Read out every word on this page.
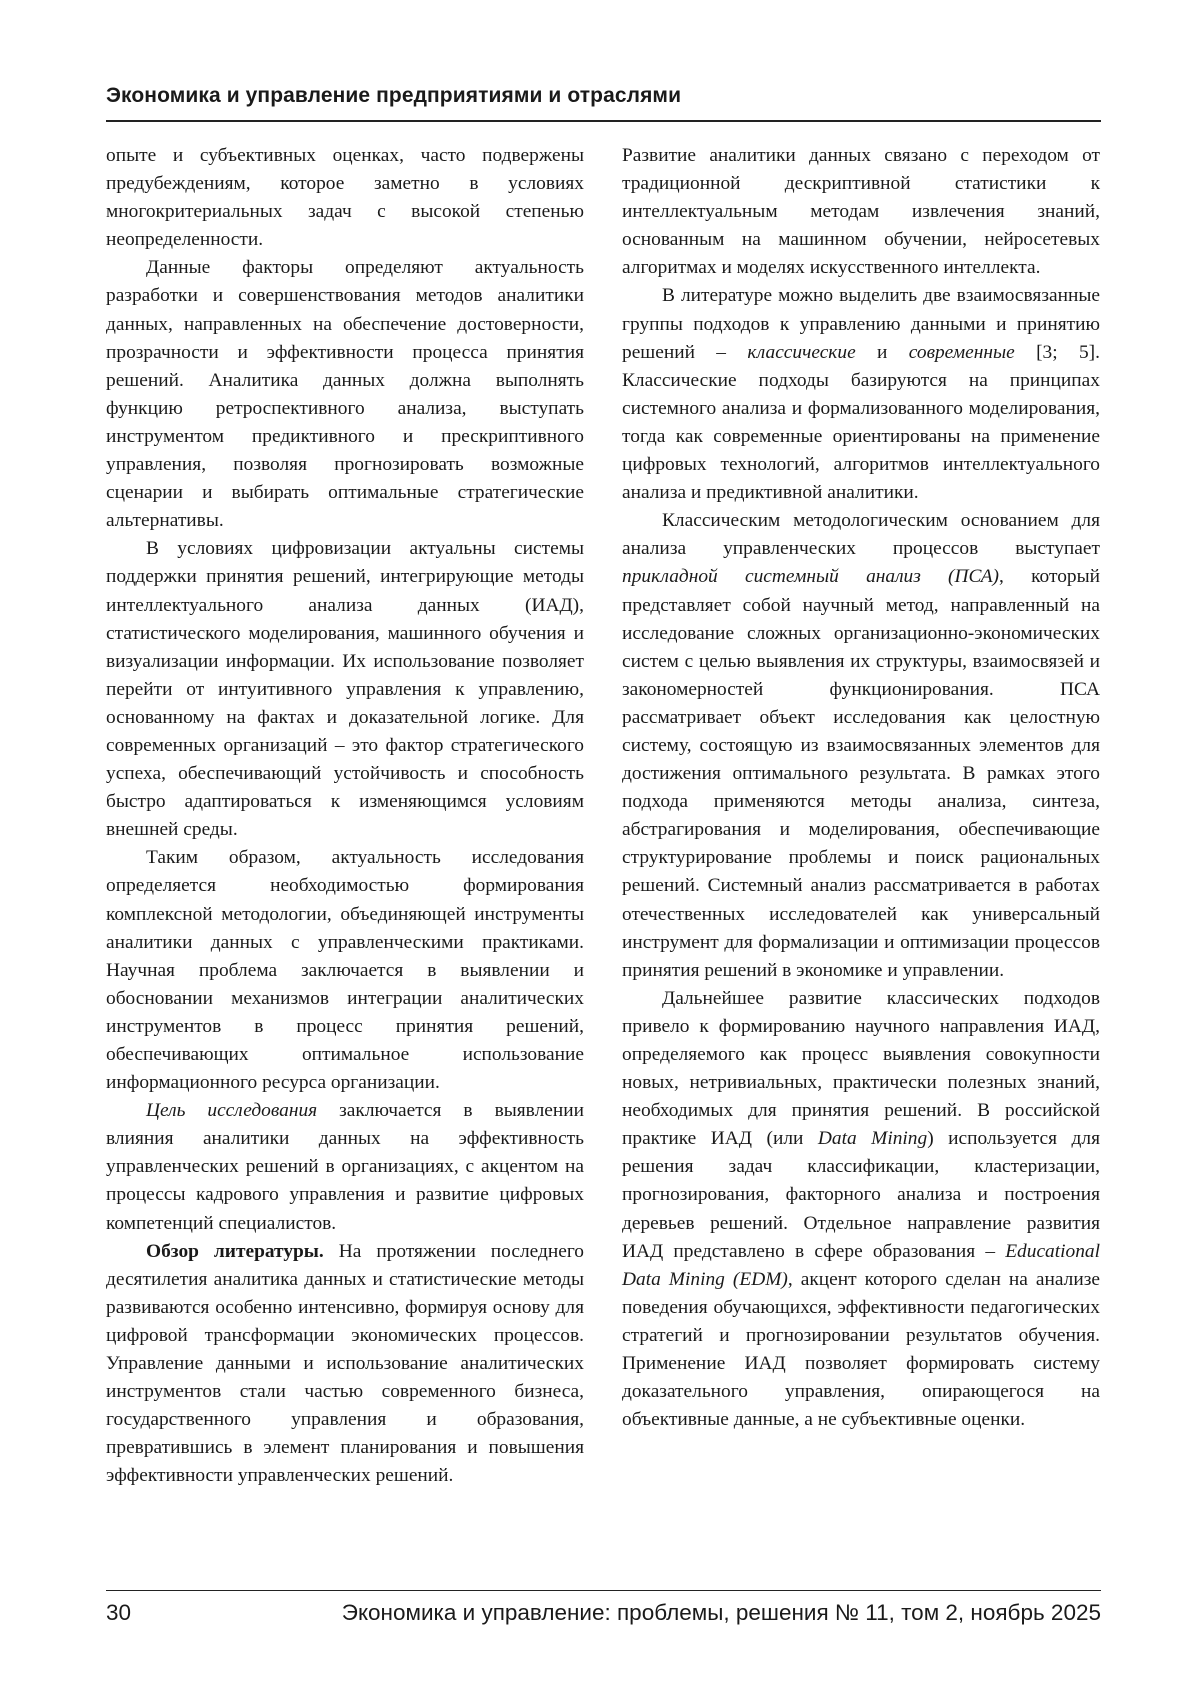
Экономика и управление предприятиями и отраслями

опыте и субъективных оценках, часто подвержены предубеждениям, которое заметно в условиях многокритериальных задач с высокой степенью неопределенности.

Данные факторы определяют актуальность разработки и совершенствования методов аналитики данных, направленных на обеспечение достоверности, прозрачности и эффективности процесса принятия решений. Аналитика данных должна выполнять функцию ретроспективного анализа, выступать инструментом предиктивного и прескриптивного управления, позволяя прогнозировать возможные сценарии и выбирать оптимальные стратегические альтернативы.

В условиях цифровизации актуальны системы поддержки принятия решений, интегрирующие методы интеллектуального анализа данных (ИАД), статистического моделирования, машинного обучения и визуализации информации. Их использование позволяет перейти от интуитивного управления к управлению, основанному на фактах и доказательной логике. Для современных организаций – это фактор стратегического успеха, обеспечивающий устойчивость и способность быстро адаптироваться к изменяющимся условиям внешней среды.

Таким образом, актуальность исследования определяется необходимостью формирования комплексной методологии, объединяющей инструменты аналитики данных с управленческими практиками. Научная проблема заключается в выявлении и обосновании механизмов интеграции аналитических инструментов в процесс принятия решений, обеспечивающих оптимальное использование информационного ресурса организации.

Цель исследования заключается в выявлении влияния аналитики данных на эффективность управленческих решений в организациях, с акцентом на процессы кадрового управления и развитие цифровых компетенций специалистов.

Обзор литературы. На протяжении последнего десятилетия аналитика данных и статистические методы развиваются особенно интенсивно, формируя основу для цифровой трансформации экономических процессов. Управление данными и использование аналитических инструментов стали частью современного бизнеса, государственного управления и образования, превратившись в элемент планирования и повышения эффективности управленческих решений.

Развитие аналитики данных связано с переходом от традиционной дескриптивной статистики к интеллектуальным методам извлечения знаний, основанным на машинном обучении, нейросетевых алгоритмах и моделях искусственного интеллекта.

В литературе можно выделить две взаимосвязанные группы подходов к управлению данными и принятию решений – классические и современные [3; 5]. Классические подходы базируются на принципах системного анализа и формализованного моделирования, тогда как современные ориентированы на применение цифровых технологий, алгоритмов интеллектуального анализа и предиктивной аналитики.

Классическим методологическим основанием для анализа управленческих процессов выступает прикладной системный анализ (ПСА), который представляет собой научный метод, направленный на исследование сложных организационно-экономических систем с целью выявления их структуры, взаимосвязей и закономерностей функционирования. ПСА рассматривает объект исследования как целостную систему, состоящую из взаимосвязанных элементов для достижения оптимального результата. В рамках этого подхода применяются методы анализа, синтеза, абстрагирования и моделирования, обеспечивающие структурирование проблемы и поиск рациональных решений. Системный анализ рассматривается в работах отечественных исследователей как универсальный инструмент для формализации и оптимизации процессов принятия решений в экономике и управлении.

Дальнейшее развитие классических подходов привело к формированию научного направления ИАД, определяемого как процесс выявления совокупности новых, нетривиальных, практически полезных знаний, необходимых для принятия решений. В российской практике ИАД (или Data Mining) используется для решения задач классификации, кластеризации, прогнозирования, факторного анализа и построения деревьев решений. Отдельное направление развития ИАД представлено в сфере образования – Educational Data Mining (EDM), акцент которого сделан на анализе поведения обучающихся, эффективности педагогических стратегий и прогнозировании результатов обучения. Применение ИАД позволяет формировать систему доказательного управления, опирающегося на объективные данные, а не субъективные оценки.

30	Экономика и управление: проблемы, решения № 11, том 2, ноябрь 2025
